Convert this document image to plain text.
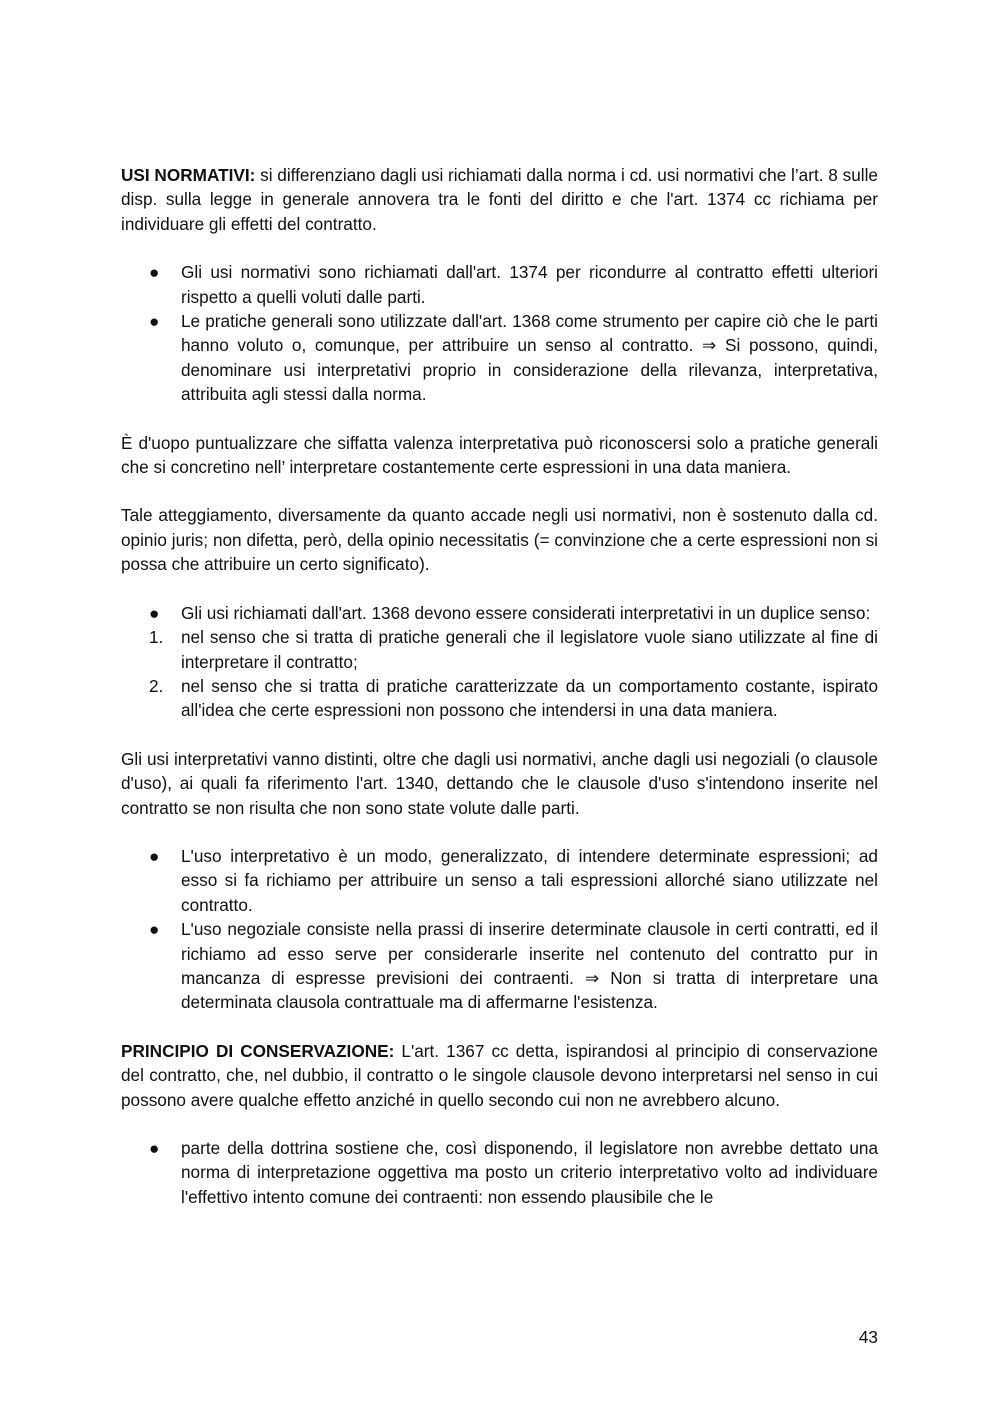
USI NORMATIVI: si differenziano dagli usi richiamati dalla norma i cd. usi normativi che l’art. 8 sulle disp. sulla legge in generale annovera tra le fonti del diritto e che l'art. 1374 cc richiama per individuare gli effetti del contratto.

●	Gli usi normativi sono richiamati dall'art. 1374 per ricondurre al contratto effetti ulteriori rispetto a quelli voluti dalle parti.
●	Le pratiche generali sono utilizzate dall'art. 1368 come strumento per capire ciò che le parti hanno voluto o, comunque, per attribuire un senso al contratto. ⇒ Si possono, quindi, denominare usi interpretativi proprio in considerazione della rilevanza, interpretativa, attribuita agli stessi dalla norma.

È d'uopo puntualizzare che siffatta valenza interpretativa può riconoscersi solo a pratiche generali che si concretino nell’ interpretare costantemente certe espressioni in una data maniera.

Tale atteggiamento, diversamente da quanto accade negli usi normativi, non è sostenuto dalla cd. opinio juris; non difetta, però, della opinio necessitatis (= convinzione che a certe espressioni non si possa che attribuire un certo significato).

●	Gli usi richiamati dall'art. 1368 devono essere considerati interpretativi in un duplice senso:
1.	nel senso che si tratta di pratiche generali che il legislatore vuole siano utilizzate al fine di interpretare il contratto;
2.	nel senso che si tratta di pratiche caratterizzate da un comportamento costante, ispirato all'idea che certe espressioni non possono che intendersi in una data maniera.

Gli usi interpretativi vanno distinti, oltre che dagli usi normativi, anche dagli usi negoziali (o clausole d'uso), ai quali fa riferimento l'art. 1340, dettando che le clausole d'uso s'intendono inserite nel contratto se non risulta che non sono state volute dalle parti.

●	L'uso interpretativo è un modo, generalizzato, di intendere determinate espressioni; ad esso si fa richiamo per attribuire un senso a tali espressioni allorché siano utilizzate nel contratto.
●	L'uso negoziale consiste nella prassi di inserire determinate clausole in certi contratti, ed il richiamo ad esso serve per considerarle inserite nel contenuto del contratto pur in mancanza di espresse previsioni dei contraenti. ⇒ Non si tratta di interpretare una determinata clausola contrattuale ma di affermarne l'esistenza.

PRINCIPIO DI CONSERVAZIONE: L'art. 1367 cc detta, ispirandosi al principio di conservazione del contratto, che, nel dubbio, il contratto o le singole clausole devono interpretarsi nel senso in cui possono avere qualche effetto anziché in quello secondo cui non ne avrebbero alcuno.

●	parte della dottrina sostiene che, così disponendo, il legislatore non avrebbe dettato una norma di interpretazione oggettiva ma posto un criterio interpretativo volto ad individuare l'effettivo intento comune dei contraenti: non essendo plausibile che le
43
